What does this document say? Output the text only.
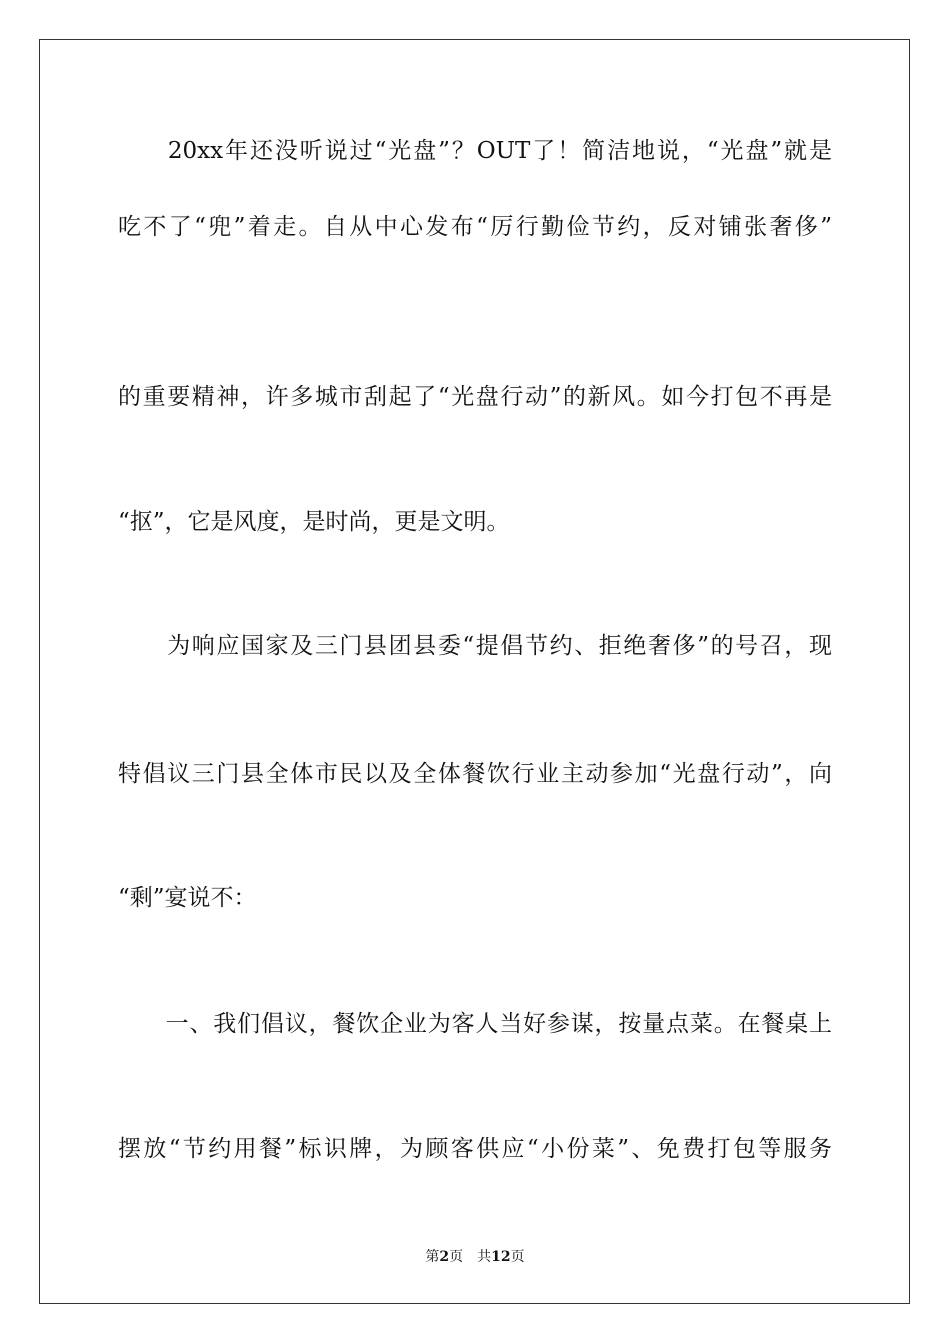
　　20xx年还没听说过“光盘”？OUT了！简洁地说，“光盘”就是
吃不了“兜”着走。自从中心发布“厉行勤俭节约，反对铺张奢侈”
的重要精神，许多城市刮起了“光盘行动”的新风。如今打包不再是
“抠”，它是风度，是时尚，更是文明。
　　为响应国家及三门县团县委“提倡节约、拒绝奢侈”的号召，现
特倡议三门县全体市民以及全体餐饮行业主动参加“光盘行动”，向
“剩”宴说不：
　　一、我们倡议，餐饮企业为客人当好参谋，按量点菜。在餐桌上
摆放“节约用餐”标识牌，为顾客供应“小份菜”、免费打包等服务
第2页　共12页
